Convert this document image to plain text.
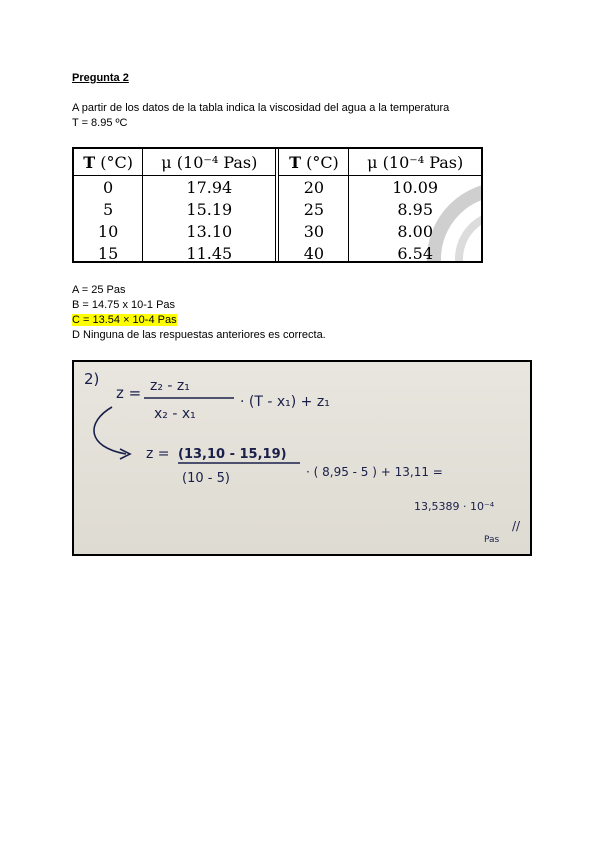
Pregunta 2
A partir de los datos de la tabla indica la viscosidad del agua a la temperatura
T = 8.95 ºC
T (°C)	μ (10⁻⁴ Pas)	T (°C)	μ (10⁻⁴ Pas)
0	17.94	20	10.09
5	15.19	25	8.95
10	13.10	30	8.00
15	11.45	40	6.54
A = 25 Pas
B = 14.75 x 10-1 Pas
C = 13.54 × 10-4 Pas
D Ninguna de las respuestas anteriores es correcta.
2)
z = z₂ - z₁
x₂ - x₁
· (T - x₁) + z₁
z = (13,10 - 15,19)
(10 - 5)	· ( 8,95 - 5 ) + 13,11 =
13,5389 · 10⁻⁴
//
Pas
